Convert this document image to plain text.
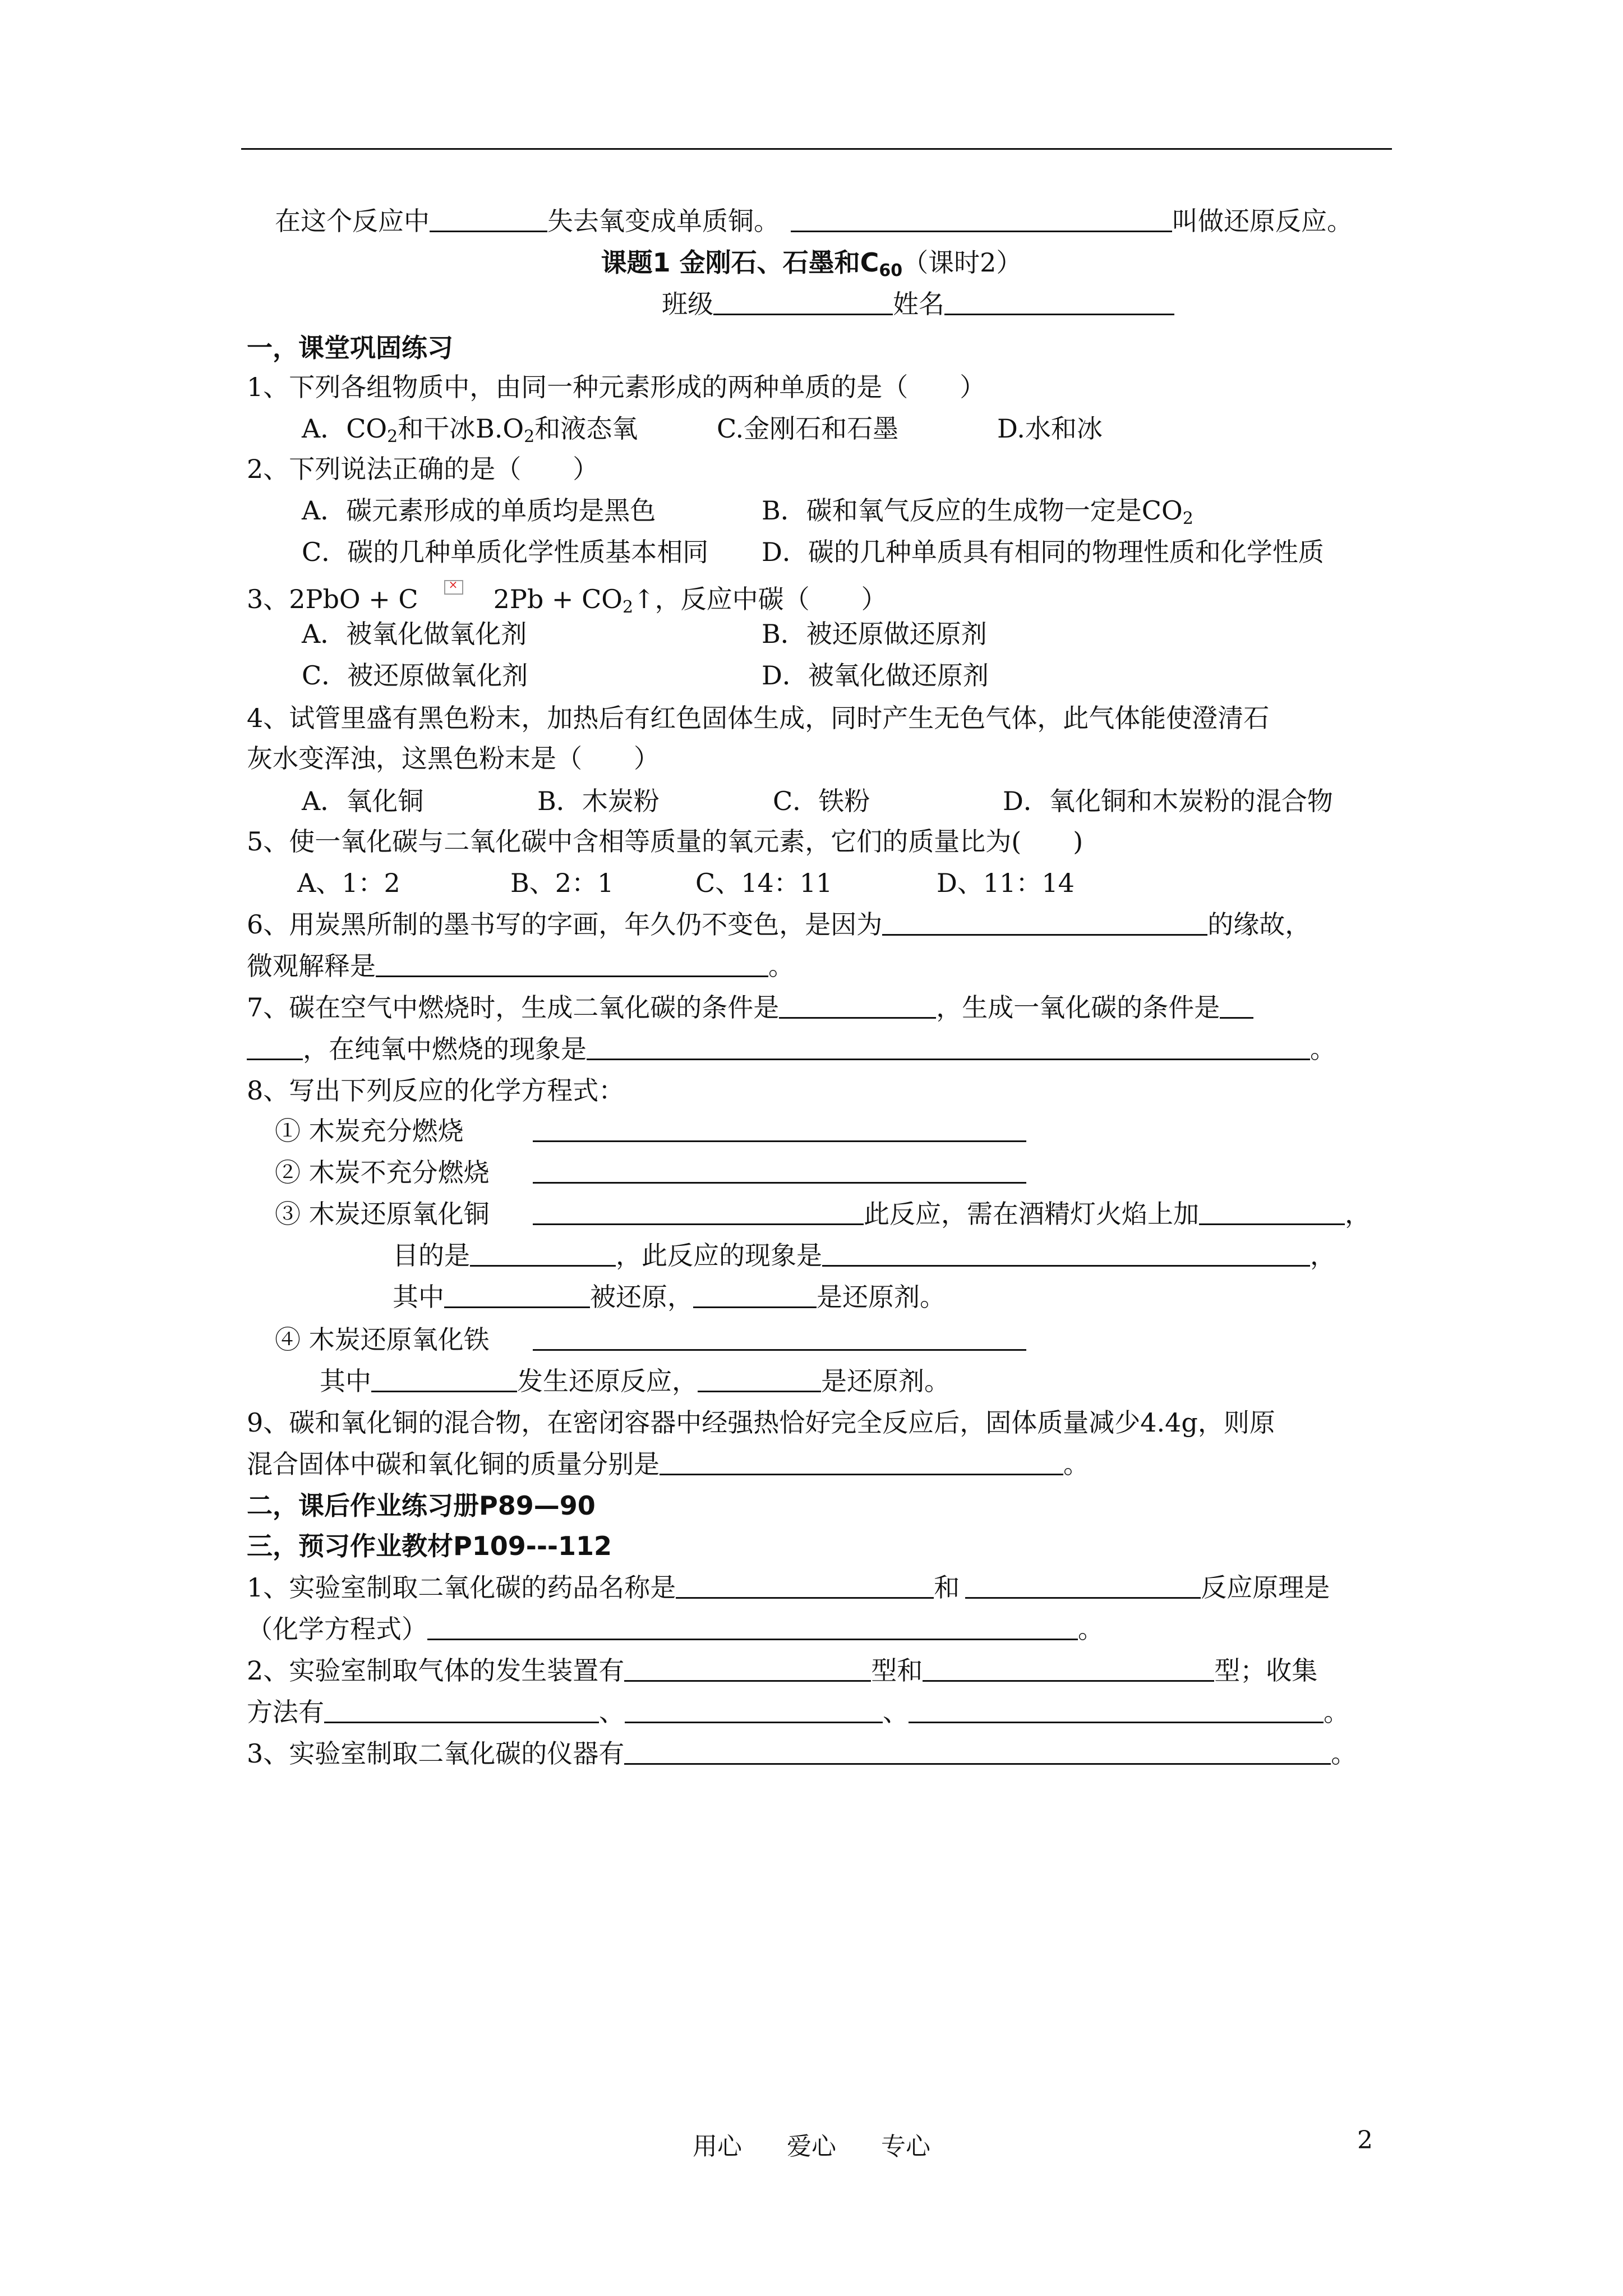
在这个反应中	失去氧变成单质铜。	叫做还原反应。
课题1 金刚石、石墨和$C_{60}$（课时2）
班级	姓名
一，课堂巩固练习
1、下列各组物质中，由同一种元素形成的两种单质的是（　　）
A．$CO_2$和干冰$B.O_2$和液态氧	C.金刚石和石墨	D.水和冰
2、下列说法正确的是（　　）
A．碳元素形成的单质均是黑色	B．碳和氧气反应的生成物一定是$CO_2$
C．碳的几种单质化学性质基本相同 D．碳的几种单质具有相同的物理性质和化学性质
3、2PbO + C	× $2Pb + CO_2↑$，反应中碳（　　）
A．被氧化做氧化剂	B．被还原做还原剂
C．被还原做氧化剂	D．被氧化做还原剂
4、试管里盛有黑色粉末，加热后有红色固体生成，同时产生无色气体，此气体能使澄清石
灰水变浑浊，这黑色粉末是（　　）
A．氧化铜	B．木炭粉	C．铁粉	D．氧化铜和木炭粉的混合物
5、使一氧化碳与二氧化碳中含相等质量的氧元素，它们的质量比为(　　)
A、1：2	B、2：1	C、14：11	D、11：14
6、用炭黑所制的墨书写的字画，年久仍不变色，是因为	的缘故，
微观解释是	。
7、碳在空气中燃烧时，生成二氧化碳的条件是	，生成一氧化碳的条件是
，在纯氧中燃烧的现象是	。
8、写出下列反应的化学方程式：
① 木炭充分燃烧
② 木炭不充分燃烧
③ 木炭还原氧化铜	此反应，需在酒精灯火焰上加	，
目的是	，此反应的现象是	，
其中	被还原，	是还原剂。
④ 木炭还原氧化铁
其中	发生还原反应，	是还原剂。
9、碳和氧化铜的混合物，在密闭容器中经强热恰好完全反应后，固体质量减少4.4g，则原
混合固体中碳和氧化铜的质量分别是	。
二，课后作业练习册P89—90
三，预习作业教材P109---112
1、实验室制取二氧化碳的药品名称是	和	反应原理是
（化学方程式）	。
2、实验室制取气体的发生装置有	型和	型；收集
方法有	、	、	。
3、实验室制取二氧化碳的仪器有	。
用心 爱心 专心	2
